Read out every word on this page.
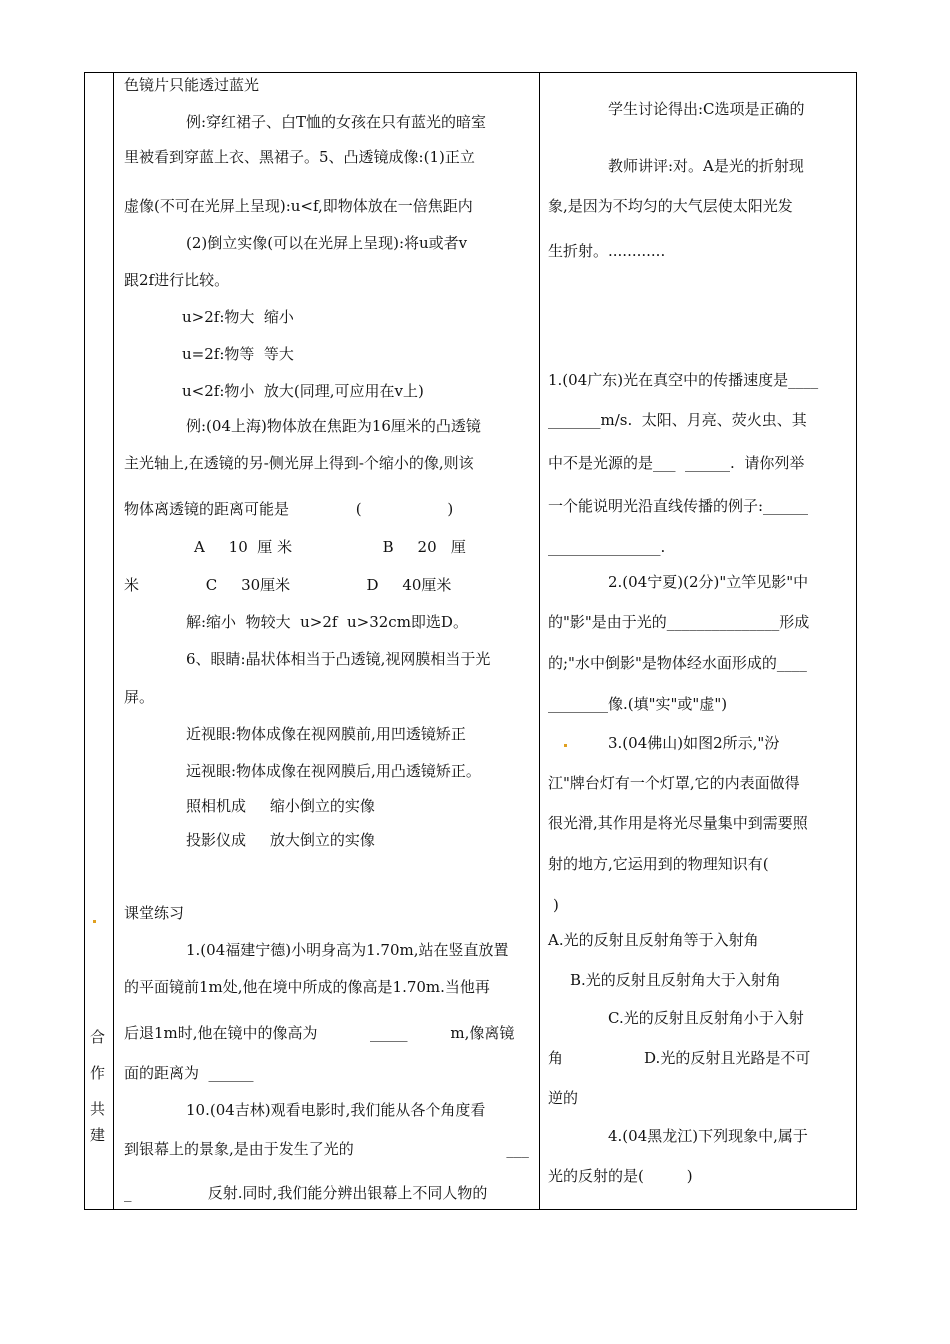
合
作
共
建
色镜片只能透过蓝光
例:穿红裙子、白T恤的女孩在只有蓝光的暗室
里被看到穿蓝上衣、黑裙子。5、凸透镜成像:(1)正立
虚像(不可在光屏上呈现):u<f,即物体放在一倍焦距内
(2)倒立实像(可以在光屏上呈现):将u或者v
跟2f进行比较。
u>2f:物大  缩小
u=2f:物等  等大
u<2f:物小  放大(同理,可应用在v上)
例:(04上海)物体放在焦距为16厘米的凸透镜
主光轴上,在透镜的另-侧光屏上得到-个缩小的像,则该
物体离透镜的距离可能是              (                  )
A     10  厘 米                   B     20   厘
米              C     30厘米                D     40厘米
解:缩小  物较大  u>2f  u>32cm即选D。
6、眼睛:晶状体相当于凸透镜,视网膜相当于光
屏。
近视眼:物体成像在视网膜前,用凹透镜矫正
远视眼:物体成像在视网膜后,用凸透镜矫正。
照相机成     缩小倒立的实像
投影仪成     放大倒立的实像
课堂练习
1.(04福建宁德)小明身高为1.70m,站在竖直放置
的平面镜前1m处,他在境中所成的像高是1.70m.当他再
后退1m时,他在镜中的像高为           _____         m,像离镜
面的距离为  ______
10.(04吉林)观看电影时,我们能从各个角度看
到银幕上的景象,是由于发生了光的                                ___
_                反射.同时,我们能分辨出银幕上不同人物的
学生讨论得出:C选项是正确的
教师讲评:对。A是光的折射现
象,是因为不均匀的大气层使太阳光发
生折射。............
1.(04广东)光在真空中的传播速度是____
_______m/s.  太阳、月亮、荧火虫、其
中不是光源的是___  ______.  请你列举
一个能说明光沿直线传播的例子:______
_______________.
2.(04宁夏)(2分)"立竿见影"中
的"影"是由于光的_______________形成
的;"水中倒影"是物体经水面形成的____
________像.(填"实"或"虚")
3.(04佛山)如图2所示,"汾
江"牌台灯有一个灯罩,它的内表面做得
很光滑,其作用是将光尽量集中到需要照
射的地方,它运用到的物理知识有(
)
A.光的反射且反射角等于入射角
B.光的反射且反射角大于入射角
C.光的反射且反射角小于入射
角                 D.光的反射且光路是不可
逆的
4.(04黑龙江)下列现象中,属于
光的反射的是(         )
